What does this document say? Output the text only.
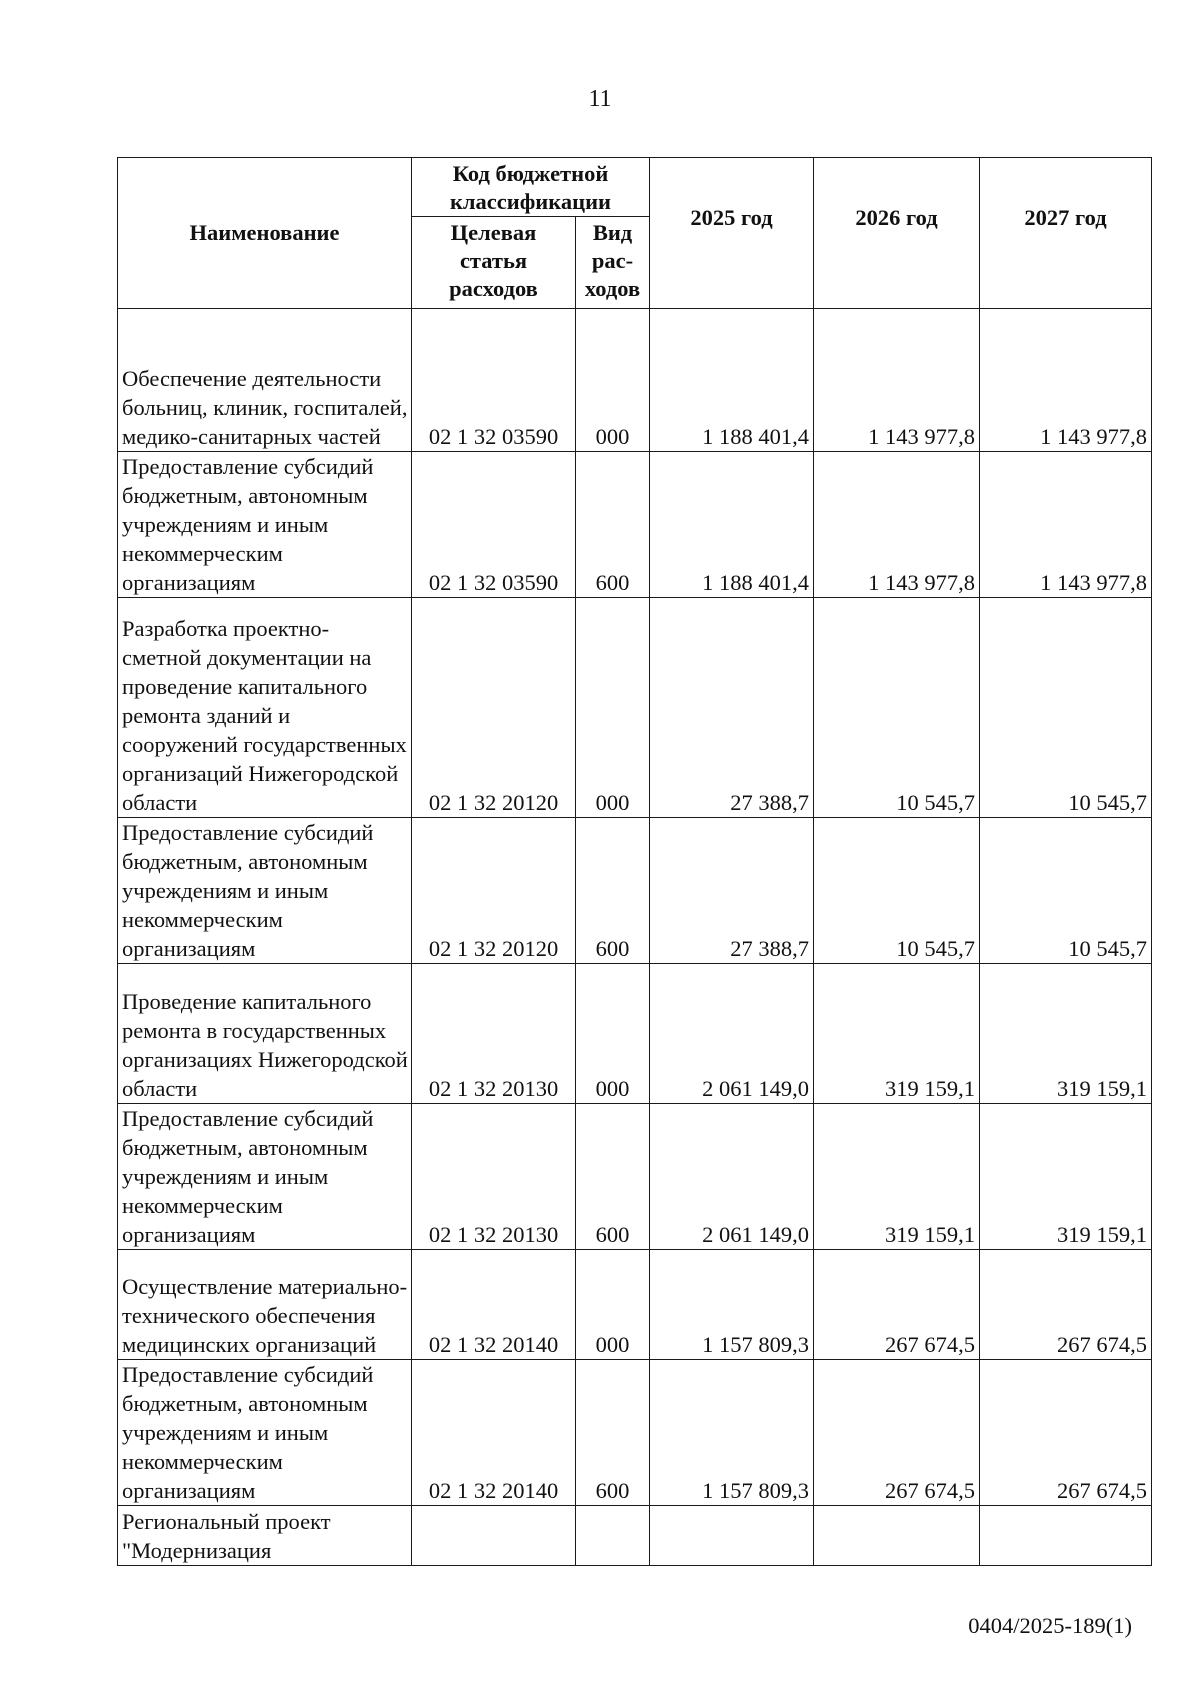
11
Наименование	Код бюджетной классификации		2025 год	2026 год	2027 год
	Целевая статья расходов	Вид рас-ходов			
Обеспечение деятельности больниц, клиник, госпиталей, медико-санитарных частей	02 1 32 03590	000	1 188 401,4	1 143 977,8	1 143 977,8
Предоставление субсидий бюджетным, автономным учреждениям и иным некоммерческим организациям	02 1 32 03590	600	1 188 401,4	1 143 977,8	1 143 977,8
Разработка проектно-сметной документации на проведение капитального ремонта зданий и сооружений государственных организаций Нижегородской области	02 1 32 20120	000	27 388,7	10 545,7	10 545,7
Предоставление субсидий бюджетным, автономным учреждениям и иным некоммерческим организациям	02 1 32 20120	600	27 388,7	10 545,7	10 545,7
Проведение капитального ремонта в государственных организациях Нижегородской области	02 1 32 20130	000	2 061 149,0	319 159,1	319 159,1
Предоставление субсидий бюджетным, автономным учреждениям и иным некоммерческим организациям	02 1 32 20130	600	2 061 149,0	319 159,1	319 159,1
Осуществление материально-технического обеспечения медицинских организаций	02 1 32 20140	000	1 157 809,3	267 674,5	267 674,5
Предоставление субсидий бюджетным, автономным учреждениям и иным некоммерческим организациям	02 1 32 20140	600	1 157 809,3	267 674,5	267 674,5
Региональный проект "Модернизация					
0404/2025-189(1)
